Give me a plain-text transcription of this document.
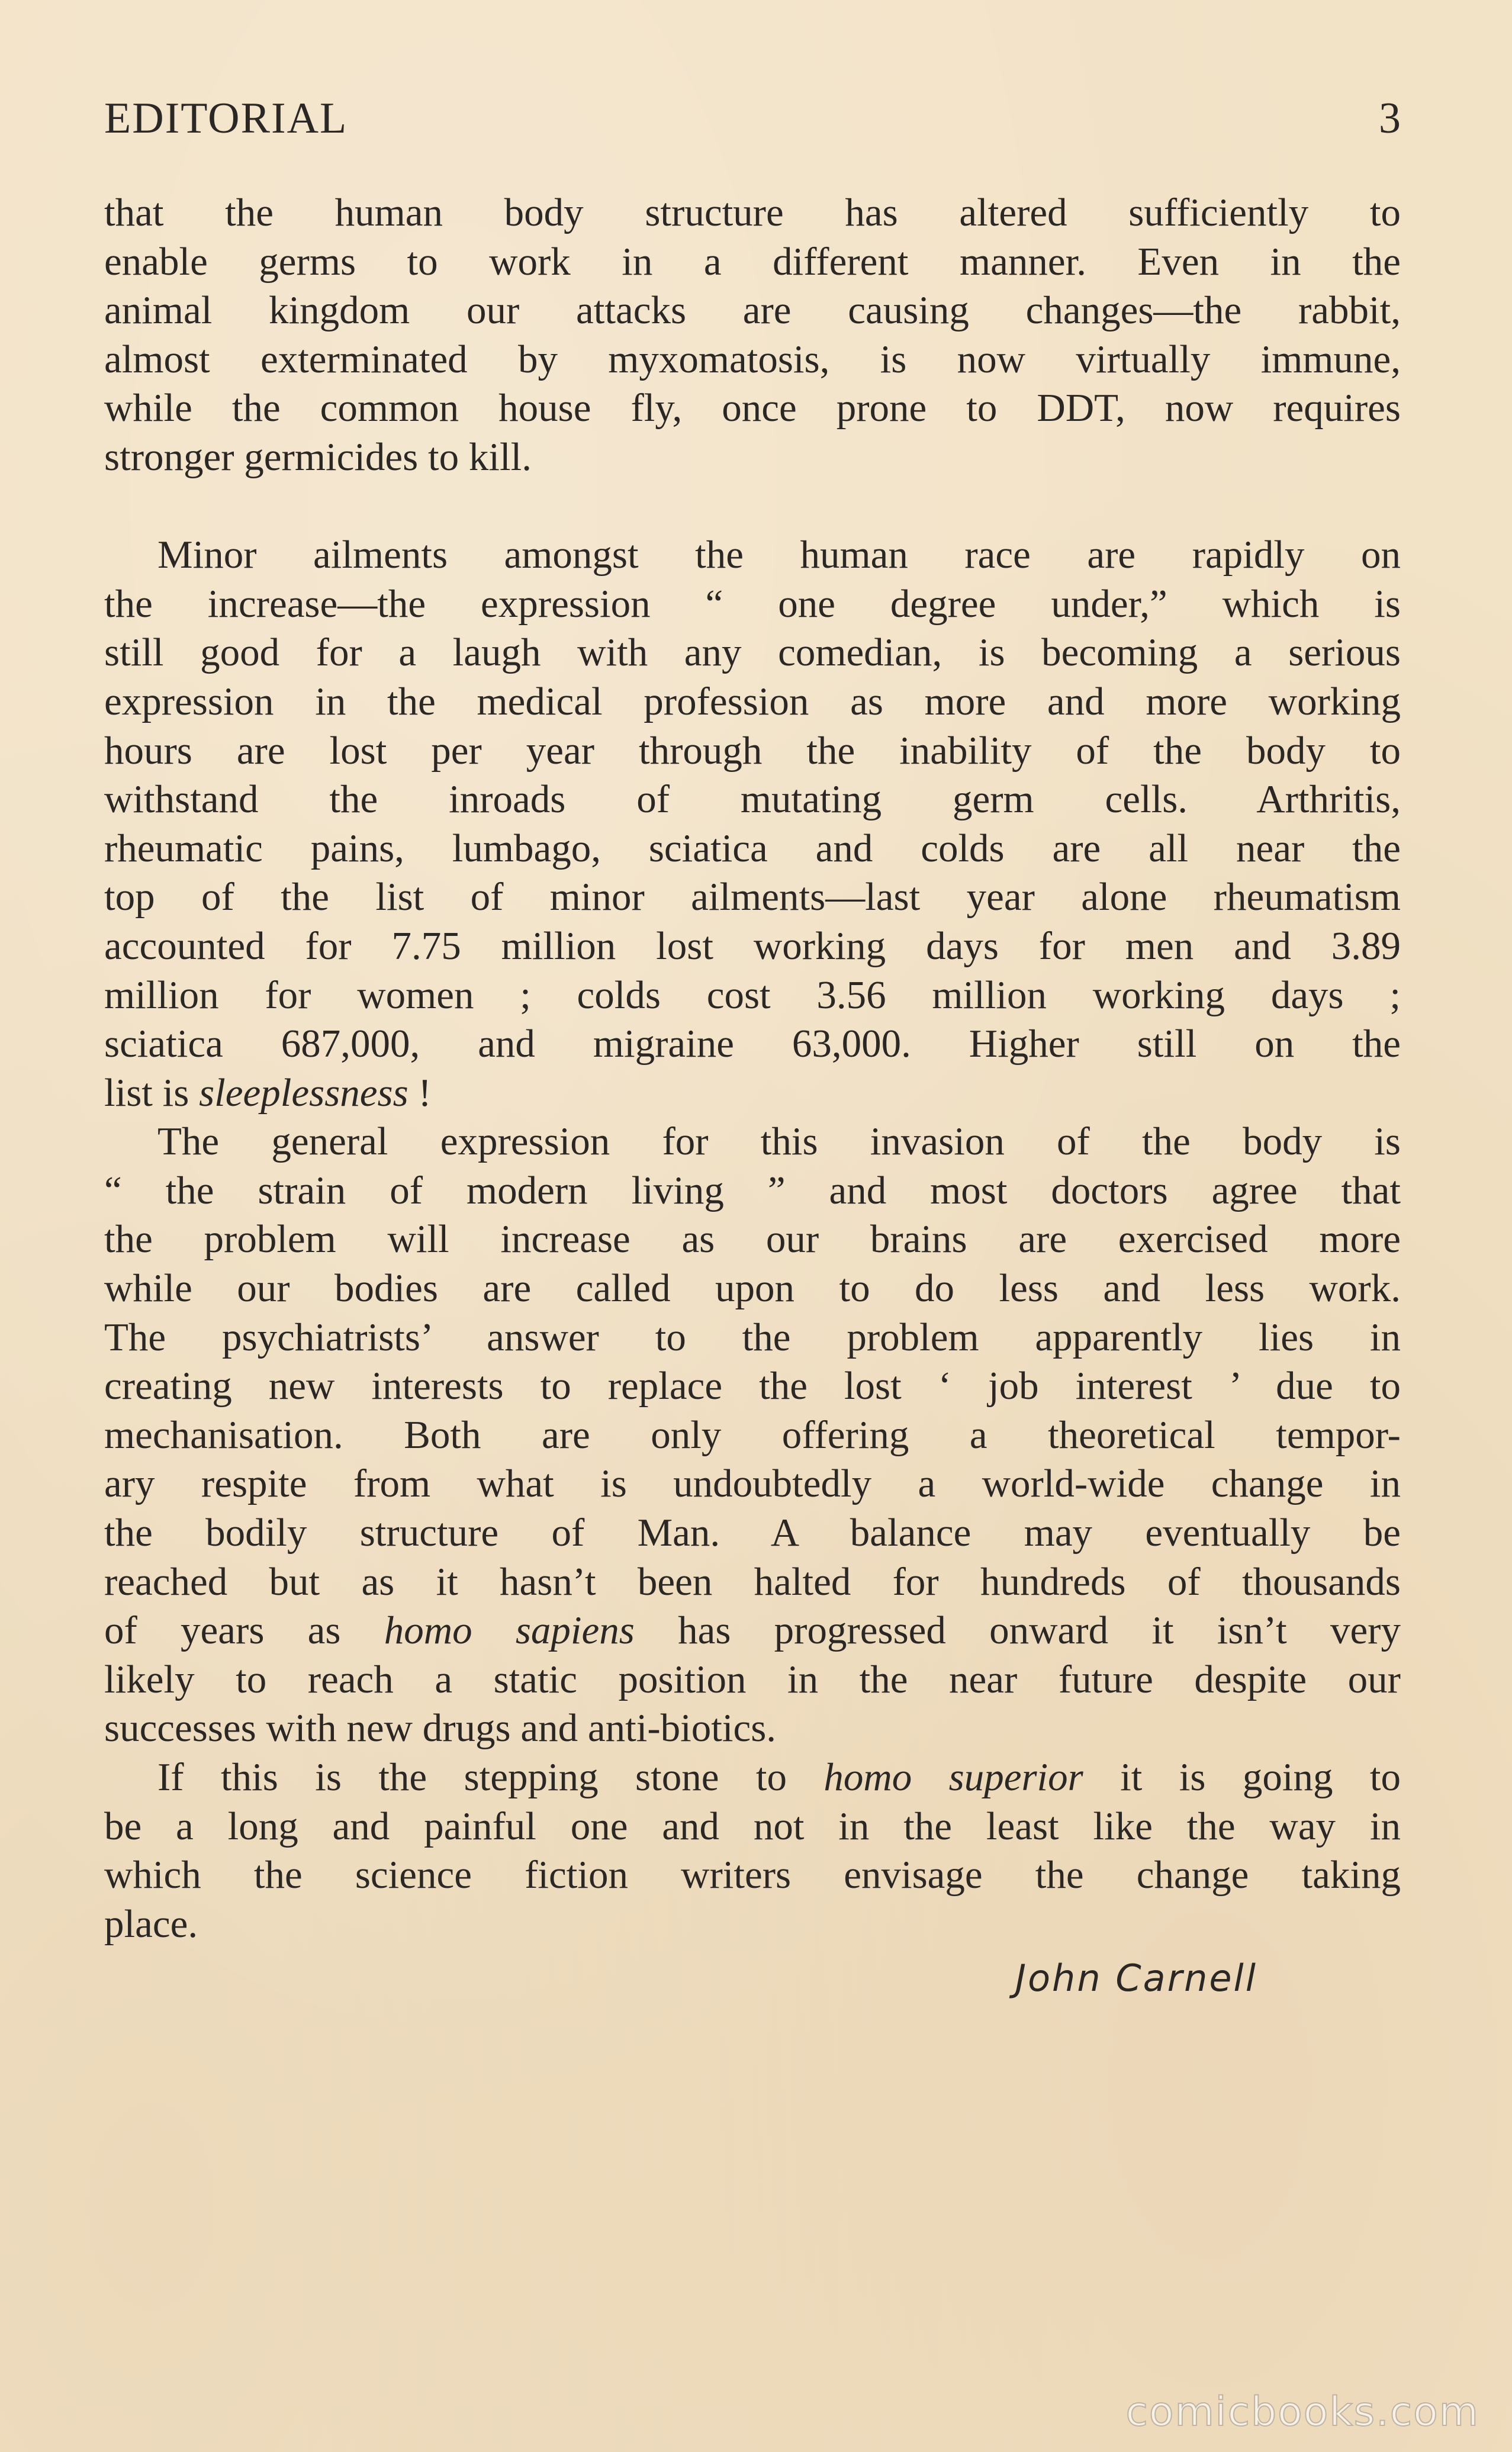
EDITORIAL	3
that the human body structure has altered sufficiently to
enable germs to work in a different manner. Even in the
animal kingdom our attacks are causing changes—the rabbit,
almost exterminated by myxomatosis, is now virtually immune,
while the common house fly, once prone to DDT, now requires
stronger germicides to kill.
Minor ailments amongst the human race are rapidly on
the increase—the expression “ one degree under,” which is
still good for a laugh with any comedian, is becoming a serious
expression in the medical profession as more and more working
hours are lost per year through the inability of the body to
withstand the inroads of mutating germ cells. Arthritis,
rheumatic pains, lumbago, sciatica and colds are all near the
top of the list of minor ailments—last year alone rheumatism
accounted for 7.75 million lost working days for men and 3.89
million for women ; colds cost 3.56 million working days ;
sciatica 687,000, and migraine 63,000. Higher still on the
list is sleeplessness !
The general expression for this invasion of the body is
“ the strain of modern living ” and most doctors agree that
the problem will increase as our brains are exercised more
while our bodies are called upon to do less and less work.
The psychiatrists’ answer to the problem apparently lies in
creating new interests to replace the lost ‘ job interest ’ due to
mechanisation. Both are only offering a theoretical tempor-
ary respite from what is undoubtedly a world-wide change in
the bodily structure of Man. A balance may eventually be
reached but as it hasn’t been halted for hundreds of thousands
of years as homo sapiens has progressed onward it isn’t very
likely to reach a static position in the near future despite our
successes with new drugs and anti-biotics.
If this is the stepping stone to homo superior it is going to
be a long and painful one and not in the least like the way in
which the science fiction writers envisage the change taking
place.
John Carnell
comicbooks.com
